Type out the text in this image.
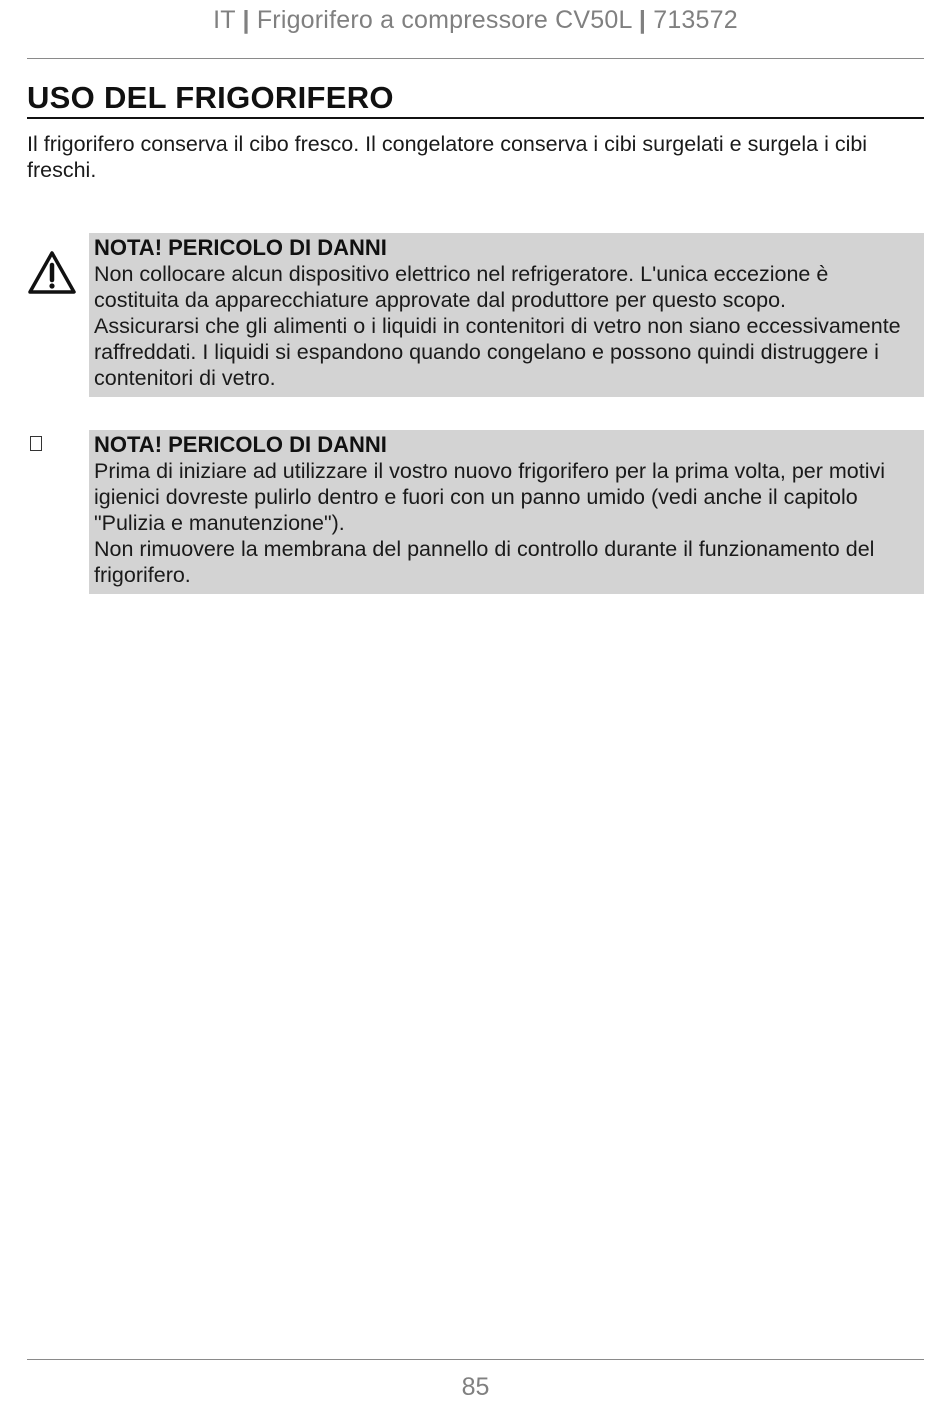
IT | Frigorifero a compressore CV50L | 713572
USO DEL FRIGORIFERO

Il frigorifero conserva il cibo fresco. Il congelatore conserva i cibi surgelati e surgela i cibi freschi.

NOTA! PERICOLO DI DANNI

Non collocare alcun dispositivo elettrico nel refrigeratore. L'unica eccezione è costituita da apparecchiature approvate dal produttore per questo scopo.

Assicurarsi che gli alimenti o i liquidi in contenitori di vetro non siano eccessivamente raffreddati. I liquidi si espandono quando congelano e possono quindi distruggere i contenitori di vetro.

NOTA! PERICOLO DI DANNI

Prima di iniziare ad utilizzare il vostro nuovo frigorifero per la prima volta, per motivi igienici dovreste pulirlo dentro e fuori con un panno umido (vedi anche il capitolo "Pulizia e manutenzione").

Non rimuovere la membrana del pannello di controllo durante il funzionamento del frigorifero.

85
